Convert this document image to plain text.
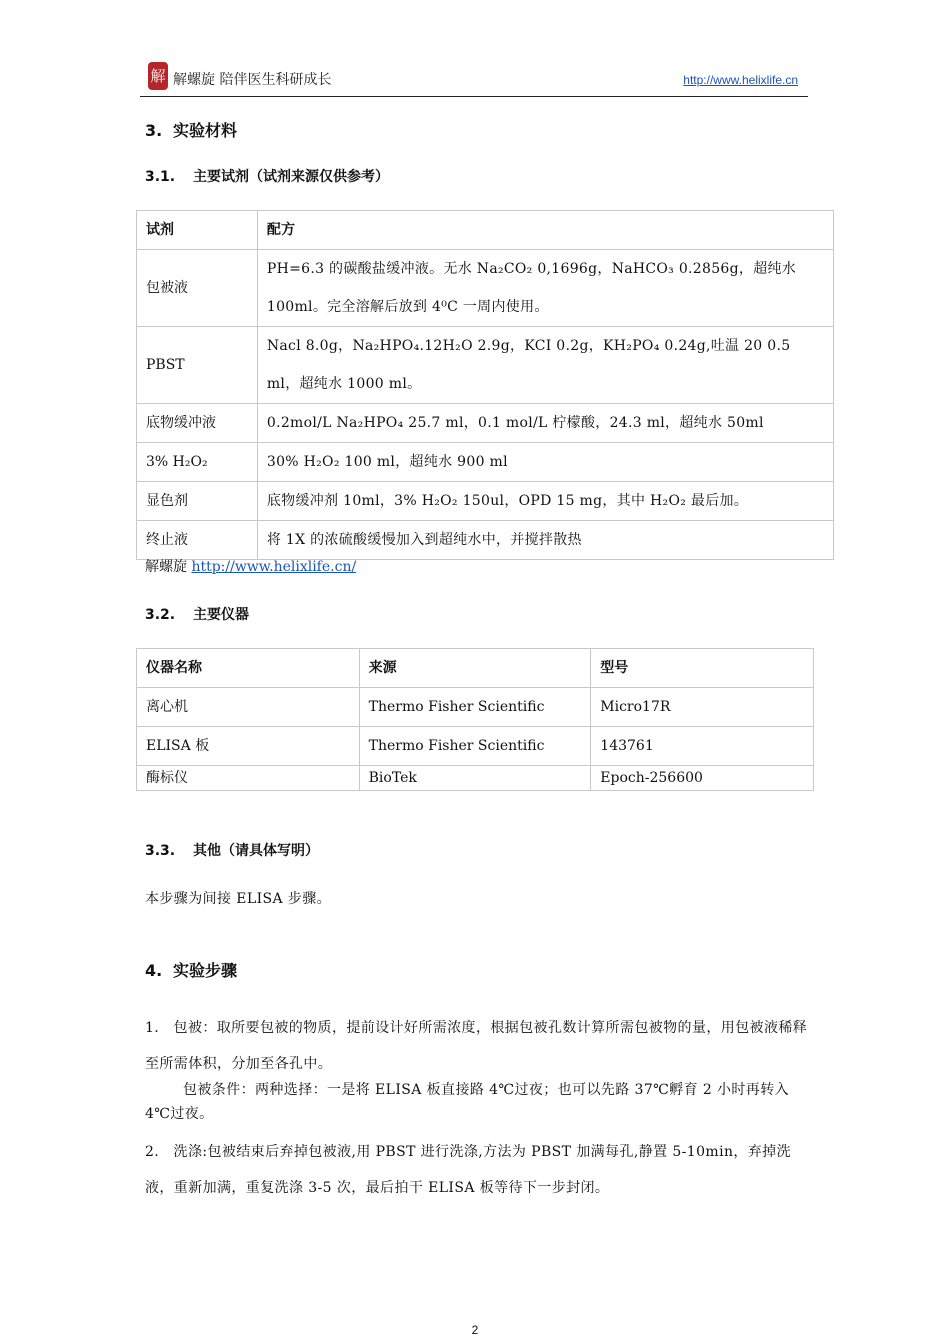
解 解螺旋 陪伴医生科研成长	http://www.helixlife.cn
3. 实验材料
3.1. 主要试剂（试剂来源仅供参考）
试剂	配方
包被液	PH=6.3 的碳酸盐缓冲液。无水 Na₂CO₂ 0,1696g，NaHCO₃ 0.2856g，超纯水 100ml。完全溶解后放到 4⁰C 一周内使用。
PBST	Nacl 8.0g，Na₂HPO₄.12H₂O 2.9g，KCI 0.2g，KH₂PO₄ 0.24g,吐温 20 0.5 ml，超纯水 1000 ml。
底物缓冲液	0.2mol/L Na₂HPO₄ 25.7 ml，0.1 mol/L 柠檬酸，24.3 ml，超纯水 50ml
3% H₂O₂	30% H₂O₂ 100 ml，超纯水 900 ml
显色剂	底物缓冲剂 10ml，3% H₂O₂ 150ul，OPD 15 mg，其中 H₂O₂ 最后加。
终止液	将 1X 的浓硫酸缓慢加入到超纯水中，并搅拌散热
解螺旋 http://www.helixlife.cn/
3.2. 主要仪器
仪器名称	来源	型号
离心机	Thermo Fisher Scientific	Micro17R
ELISA 板	Thermo Fisher Scientific	143761
酶标仪	BioTek	Epoch-256600
3.3. 其他（请具体写明）
本步骤为间接 ELISA 步骤。
4. 实验步骤
1.　包被：取所要包被的物质，提前设计好所需浓度，根据包被孔数计算所需包被物的量，用包被液稀释至所需体积，分加至各孔中。
包被条件：两种选择：一是将 ELISA 板直接路 4℃过夜；也可以先路 37℃孵育 2 小时再转入 4℃过夜。
2.　洗涤:包被结束后弃掉包被液,用 PBST 进行洗涤,方法为 PBST 加满每孔,静置 5-10min，弃掉洗液，重新加满，重复洗涤 3-5 次，最后拍干 ELISA 板等待下一步封闭。
2
